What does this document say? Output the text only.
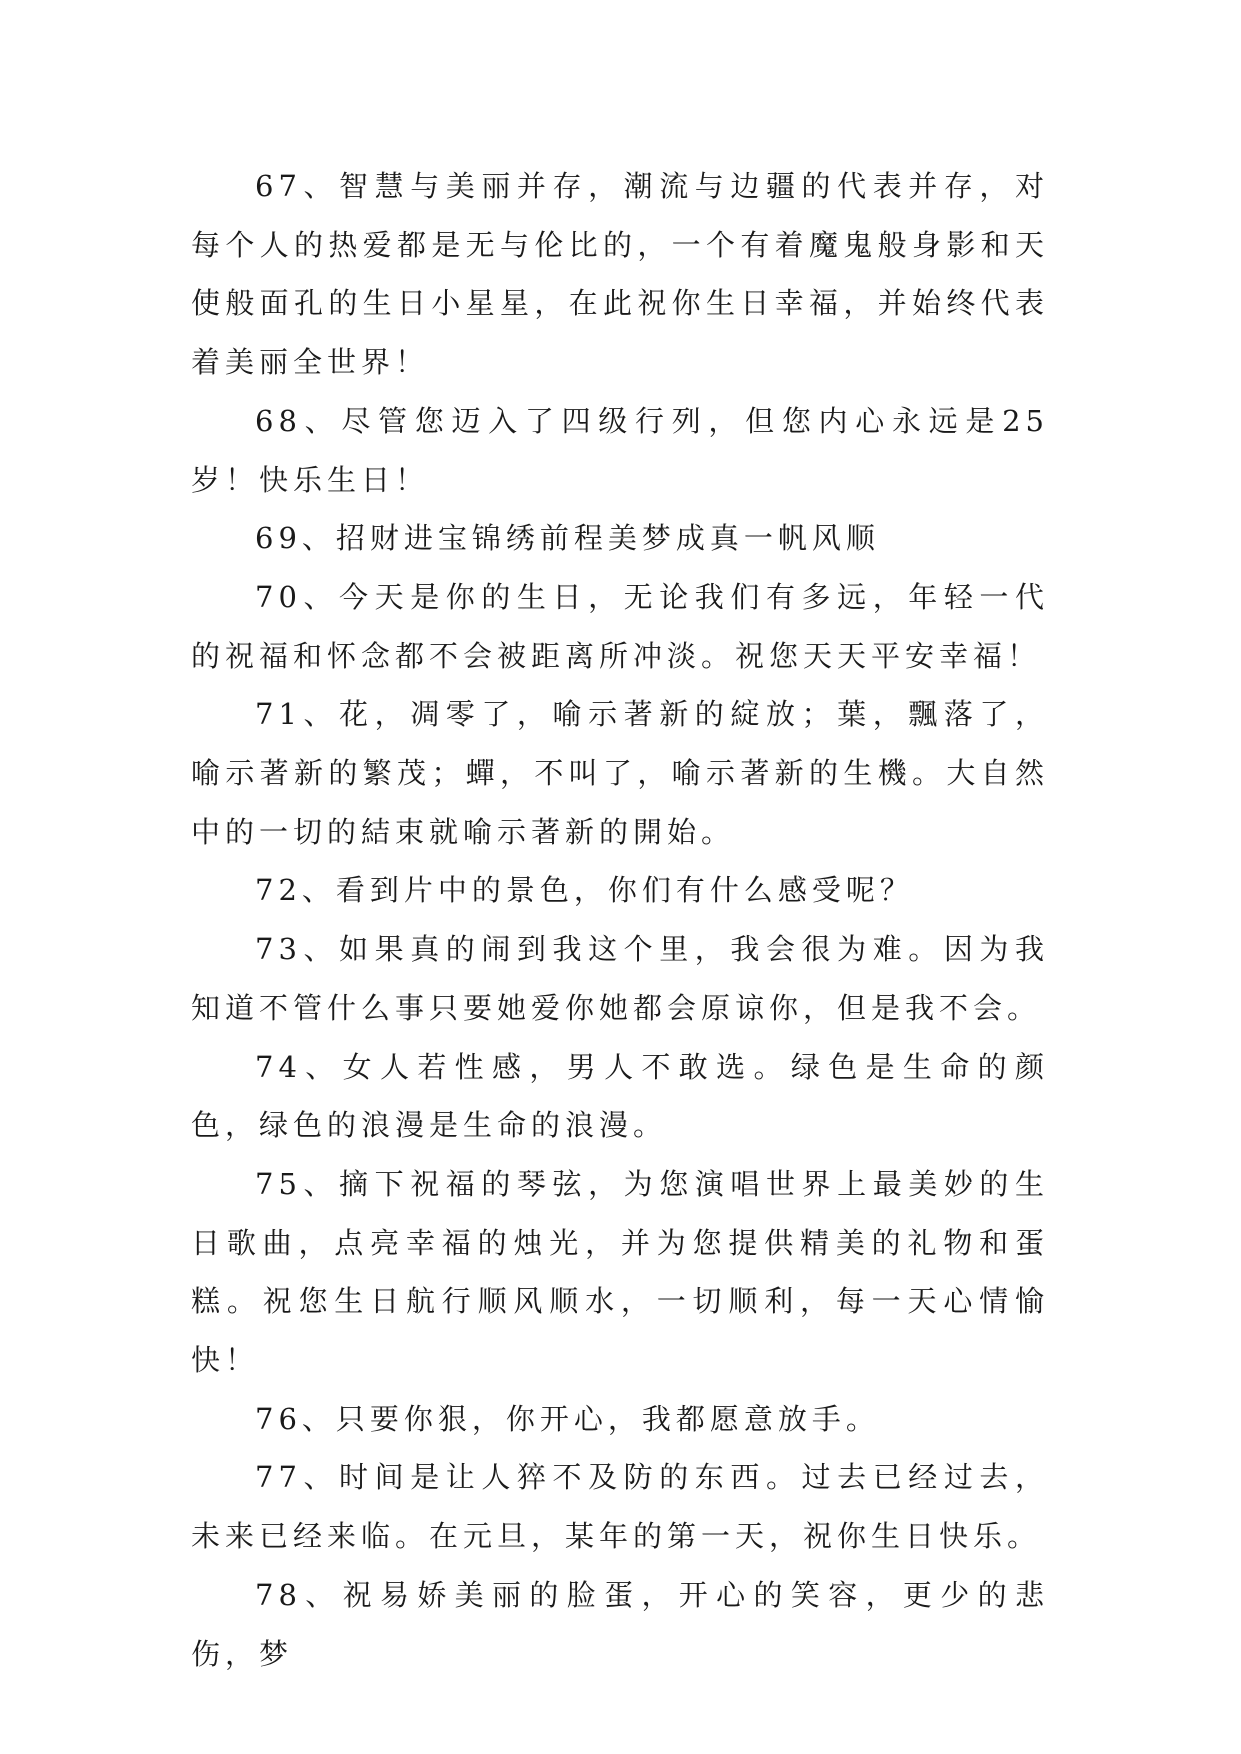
67、智慧与美丽并存，潮流与边疆的代表并存，对每个人的热爱都是无与伦比的，一个有着魔鬼般身影和天使般面孔的生日小星星，在此祝你生日幸福，并始终代表着美丽全世界！

68、尽管您迈入了四级行列，但您内心永远是25岁！快乐生日！

69、招财进宝锦绣前程美梦成真一帆风顺

70、今天是你的生日，无论我们有多远，年轻一代的祝福和怀念都不会被距离所冲淡。祝您天天平安幸福！

71、花，凋零了，喻示著新的綻放；葉，飄落了，喻示著新的繁茂；蟬，不叫了，喻示著新的生機。大自然中的一切的結束就喻示著新的開始。

72、看到片中的景色，你们有什么感受呢？

73、如果真的闹到我这个里，我会很为难。因为我知道不管什么事只要她爱你她都会原谅你，但是我不会。

74、女人若性感，男人不敢选。绿色是生命的颜色，绿色的浪漫是生命的浪漫。

75、摘下祝福的琴弦，为您演唱世界上最美妙的生日歌曲，点亮幸福的烛光，并为您提供精美的礼物和蛋糕。祝您生日航行顺风顺水，一切顺利，每一天心情愉快！

76、只要你狠，你开心，我都愿意放手。

77、时间是让人猝不及防的东西。过去已经过去，未来已经来临。在元旦，某年的第一天，祝你生日快乐。

78、祝易娇美丽的脸蛋，开心的笑容，更少的悲伤，梦
